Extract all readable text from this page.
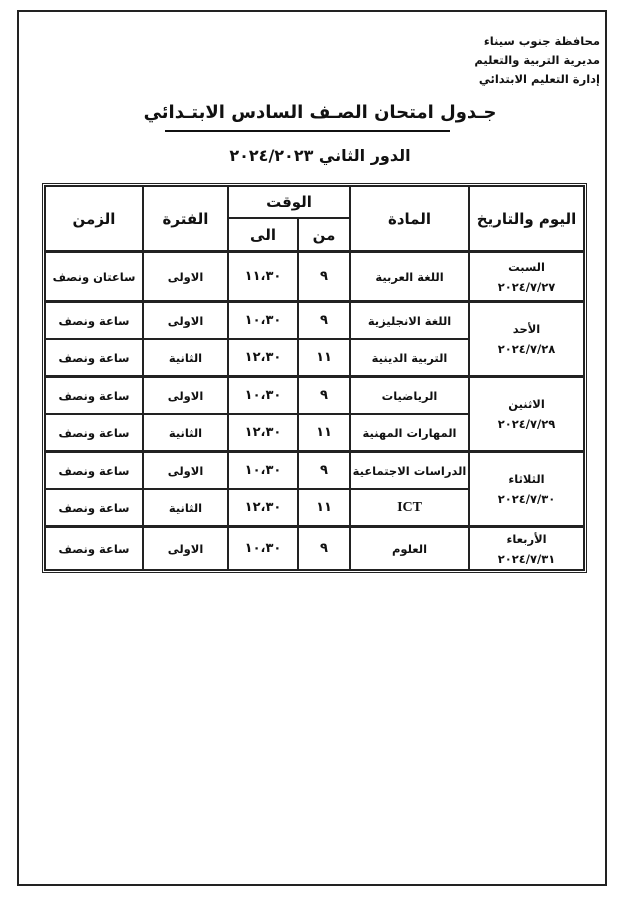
محافظة جنوب سيناء
مديرية التربية والتعليم
إدارة التعليم الابتدائي
جـدول امتحان الصـف السادس الابتـدائي
الدور الثاني ٢٠٢٤/٢٠٢٣
اليوم والتاريخ	المادة	الوقت		الفترة	الزمن
		من	الى		

السبت
٢٠٢٤/٧/٢٧	اللغة العربية	٩	١١،٣٠	الاولى	ساعتان ونصف

الأحد
٢٠٢٤/٧/٢٨	اللغة الانجليزية	٩	١٠،٣٠	الاولى	ساعة ونصف
	التربية الدينية	١١	١٢،٣٠	الثانية	ساعة ونصف

الاثنين
٢٠٢٤/٧/٢٩	الرياضيات	٩	١٠،٣٠	الاولى	ساعة ونصف
	المهارات المهنية	١١	١٢،٣٠	الثانية	ساعة ونصف

الثلاثاء
٢٠٢٤/٧/٣٠	الدراسات الاجتماعية	٩	١٠،٣٠	الاولى	ساعة ونصف
	ICT	١١	١٢،٣٠	الثانية	ساعة ونصف

الأربعاء
٢٠٢٤/٧/٣١	العلوم	٩	١٠،٣٠	الاولى	ساعة ونصف
